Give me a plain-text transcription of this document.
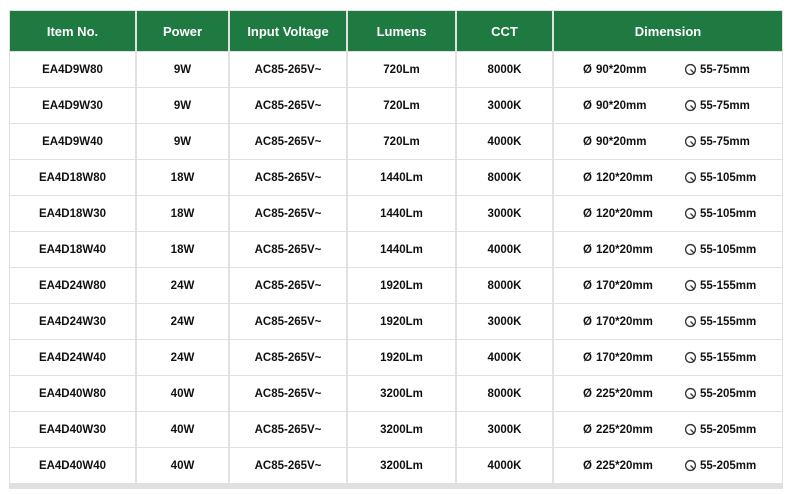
Item No.	Power	Input Voltage	Lumens	CCT	Dimension
EA4D9W80	9W	AC85-265V~	720Lm	8000K	Ø 90*20mm	55-75mm
EA4D9W30	9W	AC85-265V~	720Lm	3000K	Ø 90*20mm	55-75mm
EA4D9W40	9W	AC85-265V~	720Lm	4000K	Ø 90*20mm	55-75mm
EA4D18W80	18W	AC85-265V~	1440Lm	8000K	Ø 120*20mm	55-105mm
EA4D18W30	18W	AC85-265V~	1440Lm	3000K	Ø 120*20mm	55-105mm
EA4D18W40	18W	AC85-265V~	1440Lm	4000K	Ø 120*20mm	55-105mm
EA4D24W80	24W	AC85-265V~	1920Lm	8000K	Ø 170*20mm	55-155mm
EA4D24W30	24W	AC85-265V~	1920Lm	3000K	Ø 170*20mm	55-155mm
EA4D24W40	24W	AC85-265V~	1920Lm	4000K	Ø 170*20mm	55-155mm
EA4D40W80	40W	AC85-265V~	3200Lm	8000K	Ø 225*20mm	55-205mm
EA4D40W30	40W	AC85-265V~	3200Lm	3000K	Ø 225*20mm	55-205mm
EA4D40W40	40W	AC85-265V~	3200Lm	4000K	Ø 225*20mm	55-205mm
